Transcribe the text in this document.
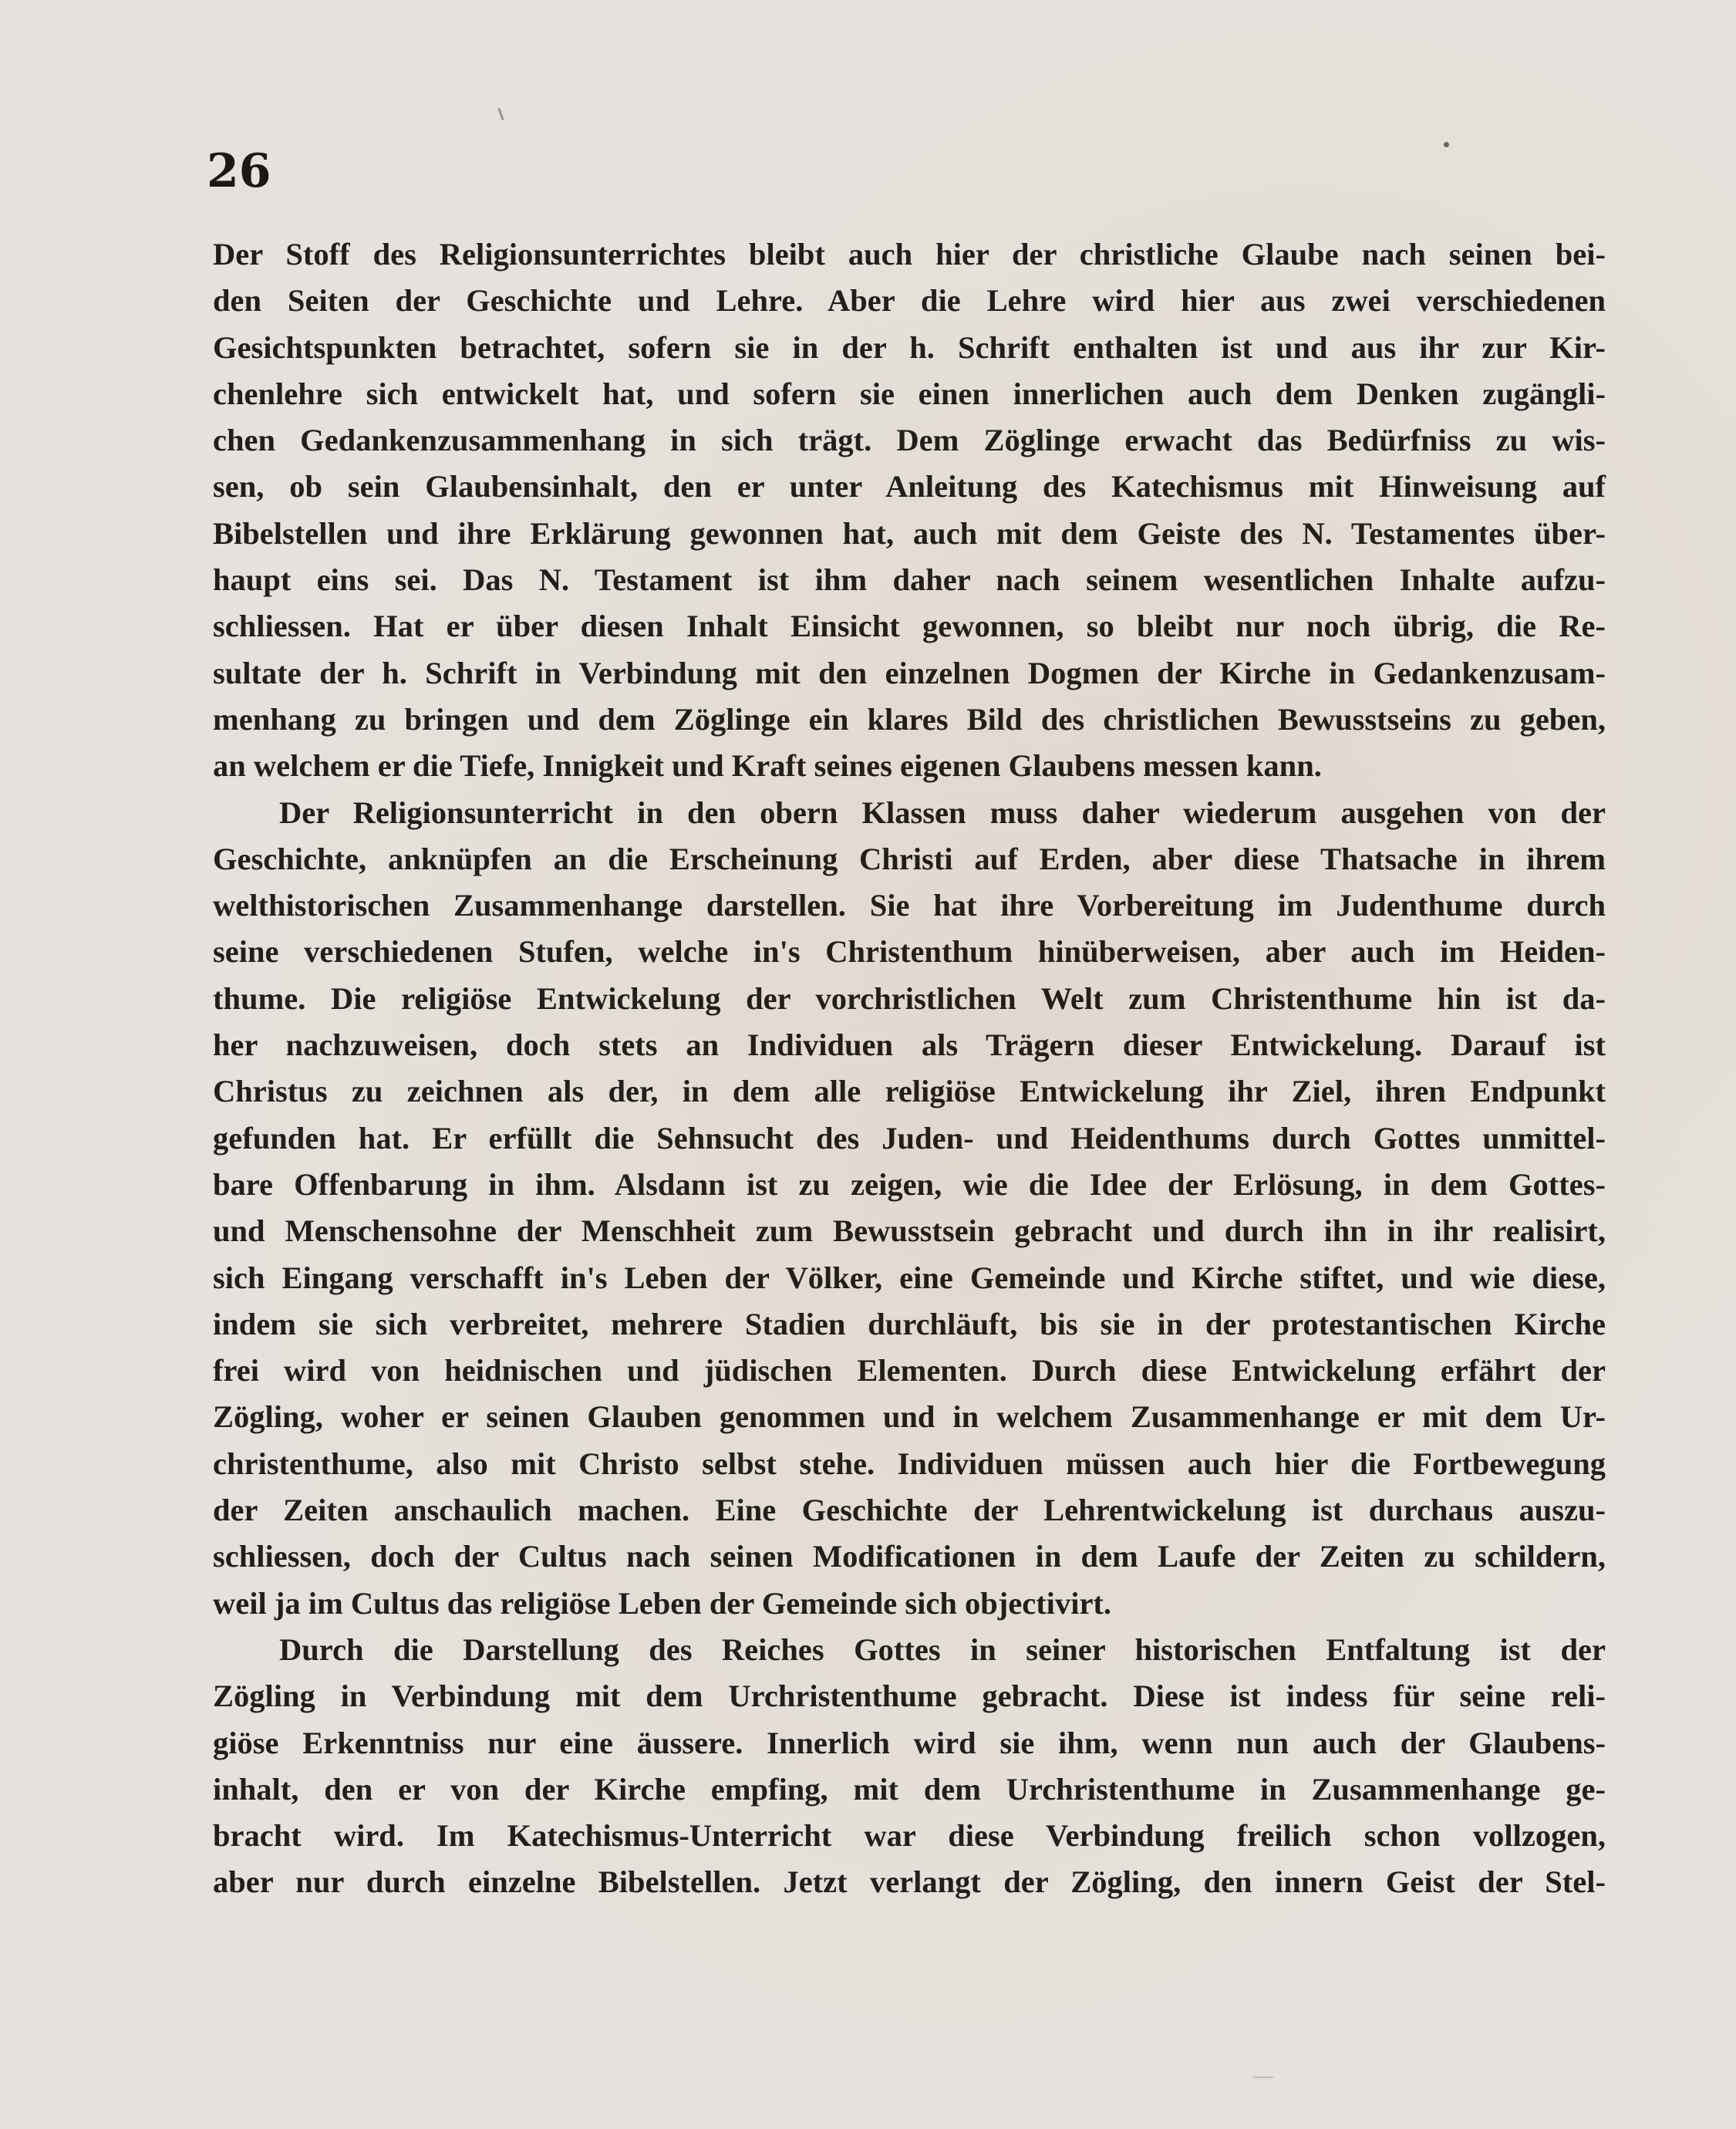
26
Der Stoff des Religionsunterrichtes bleibt auch hier der christliche Glaube nach seinen bei-
den Seiten der Geschichte und Lehre. Aber die Lehre wird hier aus zwei verschiedenen
Gesichtspunkten betrachtet, sofern sie in der h. Schrift enthalten ist und aus ihr zur Kir-
chenlehre sich entwickelt hat, und sofern sie einen innerlichen auch dem Denken zugängli-
chen Gedankenzusammenhang in sich trägt. Dem Zöglinge erwacht das Bedürfniss zu wis-
sen, ob sein Glaubensinhalt, den er unter Anleitung des Katechismus mit Hinweisung auf
Bibelstellen und ihre Erklärung gewonnen hat, auch mit dem Geiste des N. Testamentes über-
haupt eins sei. Das N. Testament ist ihm daher nach seinem wesentlichen Inhalte aufzu-
schliessen. Hat er über diesen Inhalt Einsicht gewonnen, so bleibt nur noch übrig, die Re-
sultate der h. Schrift in Verbindung mit den einzelnen Dogmen der Kirche in Gedankenzusam-
menhang zu bringen und dem Zöglinge ein klares Bild des christlichen Bewusstseins zu geben,
an welchem er die Tiefe, Innigkeit und Kraft seines eigenen Glaubens messen kann.
Der Religionsunterricht in den obern Klassen muss daher wiederum ausgehen von der
Geschichte, anknüpfen an die Erscheinung Christi auf Erden, aber diese Thatsache in ihrem
welthistorischen Zusammenhange darstellen. Sie hat ihre Vorbereitung im Judenthume durch
seine verschiedenen Stufen, welche in's Christenthum hinüberweisen, aber auch im Heiden-
thume. Die religiöse Entwickelung der vorchristlichen Welt zum Christenthume hin ist da-
her nachzuweisen, doch stets an Individuen als Trägern dieser Entwickelung. Darauf ist
Christus zu zeichnen als der, in dem alle religiöse Entwickelung ihr Ziel, ihren Endpunkt
gefunden hat. Er erfüllt die Sehnsucht des Juden- und Heidenthums durch Gottes unmittel-
bare Offenbarung in ihm. Alsdann ist zu zeigen, wie die Idee der Erlösung, in dem Gottes-
und Menschensohne der Menschheit zum Bewusstsein gebracht und durch ihn in ihr realisirt,
sich Eingang verschafft in's Leben der Völker, eine Gemeinde und Kirche stiftet, und wie diese,
indem sie sich verbreitet, mehrere Stadien durchläuft, bis sie in der protestantischen Kirche
frei wird von heidnischen und jüdischen Elementen. Durch diese Entwickelung erfährt der
Zögling, woher er seinen Glauben genommen und in welchem Zusammenhange er mit dem Ur-
christenthume, also mit Christo selbst stehe. Individuen müssen auch hier die Fortbewegung
der Zeiten anschaulich machen. Eine Geschichte der Lehrentwickelung ist durchaus auszu-
schliessen, doch der Cultus nach seinen Modificationen in dem Laufe der Zeiten zu schildern,
weil ja im Cultus das religiöse Leben der Gemeinde sich objectivirt.
Durch die Darstellung des Reiches Gottes in seiner historischen Entfaltung ist der
Zögling in Verbindung mit dem Urchristenthume gebracht. Diese ist indess für seine reli-
giöse Erkenntniss nur eine äussere. Innerlich wird sie ihm, wenn nun auch der Glaubens-
inhalt, den er von der Kirche empfing, mit dem Urchristenthume in Zusammenhange ge-
bracht wird. Im Katechismus-Unterricht war diese Verbindung freilich schon vollzogen,
aber nur durch einzelne Bibelstellen. Jetzt verlangt der Zögling, den innern Geist der Stel-
